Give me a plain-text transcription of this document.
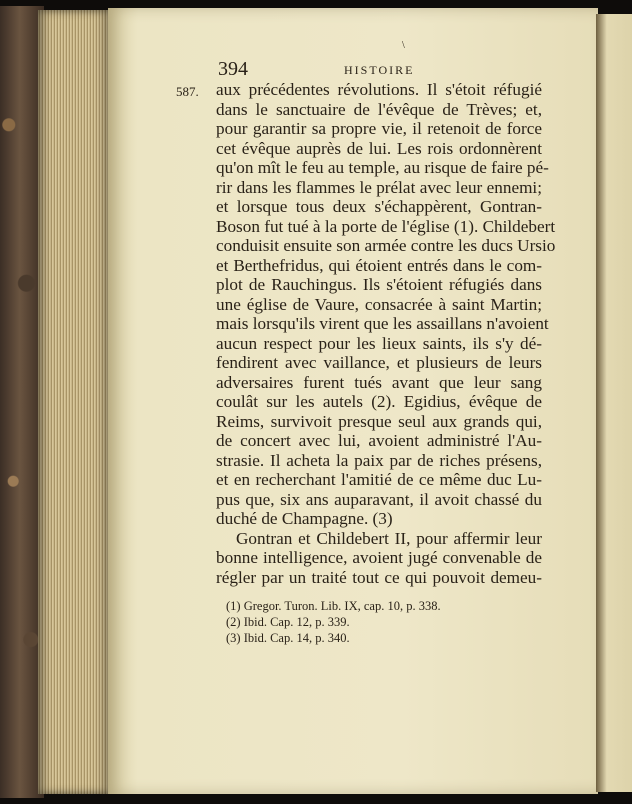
\
394	HISTOIRE
587. aux précédentes révolutions. Il s'étoit réfugié
dans le sanctuaire de l'évêque de Trèves; et,
pour garantir sa propre vie, il retenoit de force
cet évêque auprès de lui. Les rois ordonnèrent
qu'on mît le feu au temple, au risque de faire pé-
rir dans les flammes le prélat avec leur ennemi;
et lorsque tous deux s'échappèrent, Gontran-
Boson fut tué à la porte de l'église (1). Childebert
conduisit ensuite son armée contre les ducs Ursio
et Berthefridus, qui étoient entrés dans le com-
plot de Rauchingus. Ils s'étoient réfugiés dans
une église de Vaure, consacrée à saint Martin;
mais lorsqu'ils virent que les assaillans n'avoient
aucun respect pour les lieux saints, ils s'y dé-
fendirent avec vaillance, et plusieurs de leurs
adversaires furent tués avant que leur sang
coulât sur les autels (2). Egidius, évêque de
Reims, survivoit presque seul aux grands qui,
de concert avec lui, avoient administré l'Au-
strasie. Il acheta la paix par de riches présens,
et en recherchant l'amitié de ce même duc Lu-
pus que, six ans auparavant, il avoit chassé du
duché de Champagne. (3)
Gontran et Childebert II, pour affermir leur
bonne intelligence, avoient jugé convenable de
régler par un traité tout ce qui pouvoit demeu-
(1) Gregor. Turon. Lib. IX, cap. 10, p. 338.
(2) Ibid. Cap. 12, p. 339.
(3) Ibid. Cap. 14, p. 340.
